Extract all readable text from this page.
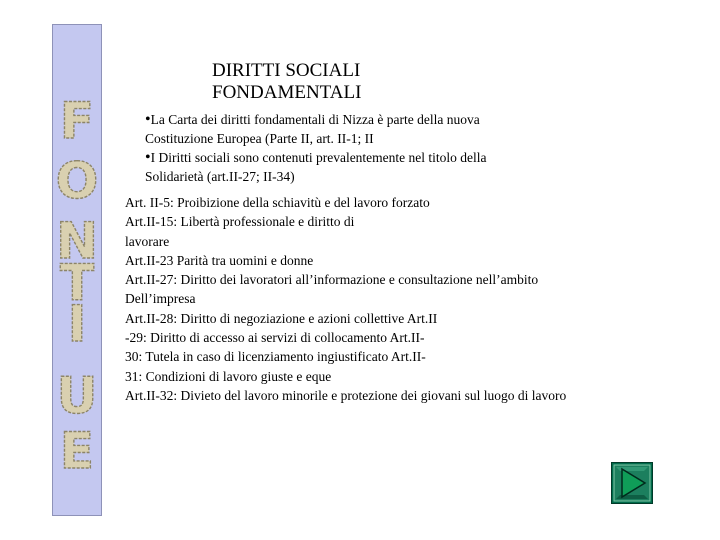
F
O
N
T
I
U
E
DIRITTI SOCIALI
FONDAMENTALI
•La Carta dei diritti fondamentali di Nizza è parte della nuova
Costituzione Europea (Parte II, art. II-1; II
•I Diritti sociali sono contenuti prevalentemente nel titolo della
Solidarietà (art.II-27; II-34)
Art. II-5: Proibizione della schiavitù e del lavoro forzato
Art.II-15: Libertà professionale e diritto di
lavorare
Art.II-23 Parità tra uomini e donne
Art.II-27: Diritto dei lavoratori all’informazione e consultazione nell’ambito
Dell’impresa
Art.II-28: Diritto di negoziazione e azioni collettive Art.II
-29: Diritto di accesso ai servizi di collocamento Art.II-
30: Tutela in caso di licenziamento ingiustificato Art.II-
31: Condizioni di lavoro giuste e eque
Art.II-32: Divieto del lavoro minorile e protezione dei giovani sul luogo di lavoro
